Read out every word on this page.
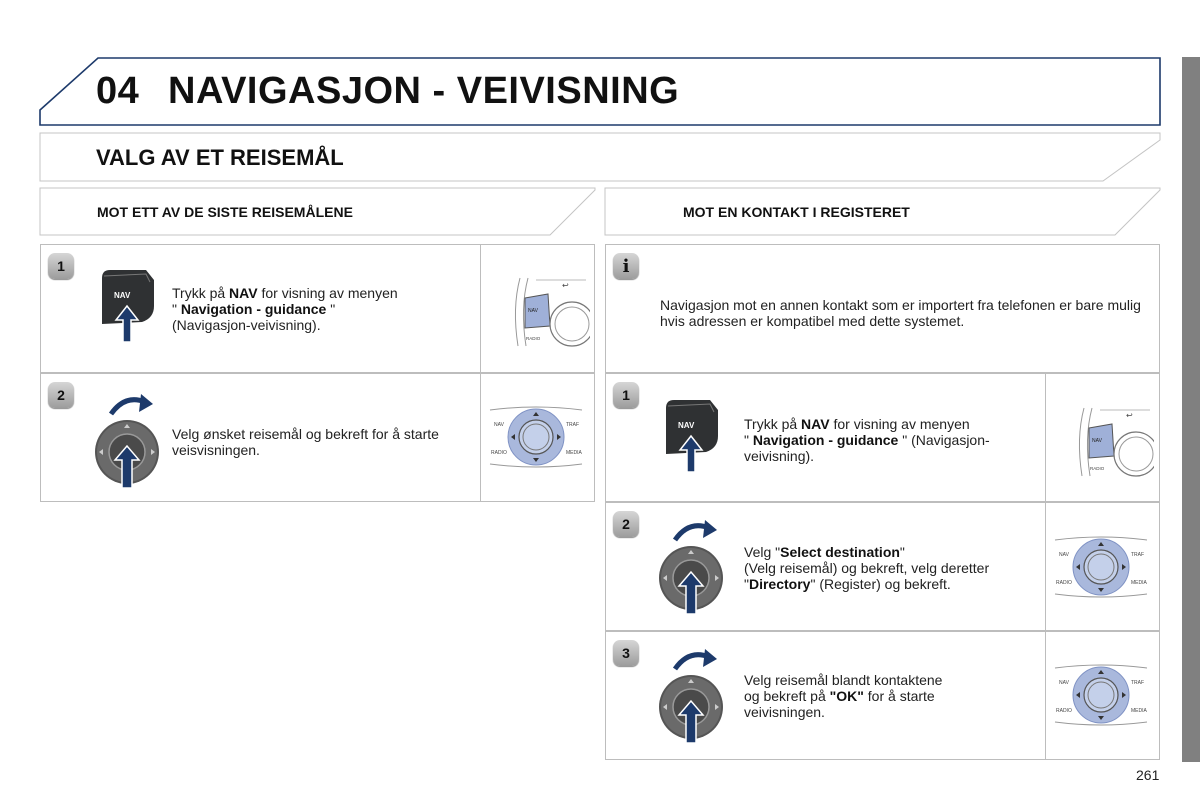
04 NAVIGASJON - VEIVISNING
VALG AV ET REISEMÅL
MOT ETT AV DE SISTE REISEMÅLENE	MOT EN KONTAKT I REGISTERET
1
2
NAV	Trykk på NAV for visning av menyen
" Navigation - guidance "
(Navigasjon-veivisning).
NAV
RADIO
↩
Velg ønsket reisemål og bekreft for å starte veisvisningen.
NAV	TRAF
RADIO	MEDIA
i
Navigasjon mot en annen kontakt som er importert fra telefonen er bare mulig hvis adressen er kompatibel med dette systemet.
1
2
3
NAV	Trykk på NAV for visning av menyen
" Navigation - guidance " (Navigasjon-
veivisning).
NAV
RADIO
↩
Velg "Select destination"
(Velg reisemål) og bekreft, velg deretter
"Directory" (Register) og bekreft.
NAV	TRAF
RADIO	MEDIA
Velg reisemål blandt kontaktene
og bekreft på "OK" for å starte
veivisningen.
NAV	TRAF
RADIO	MEDIA
261
